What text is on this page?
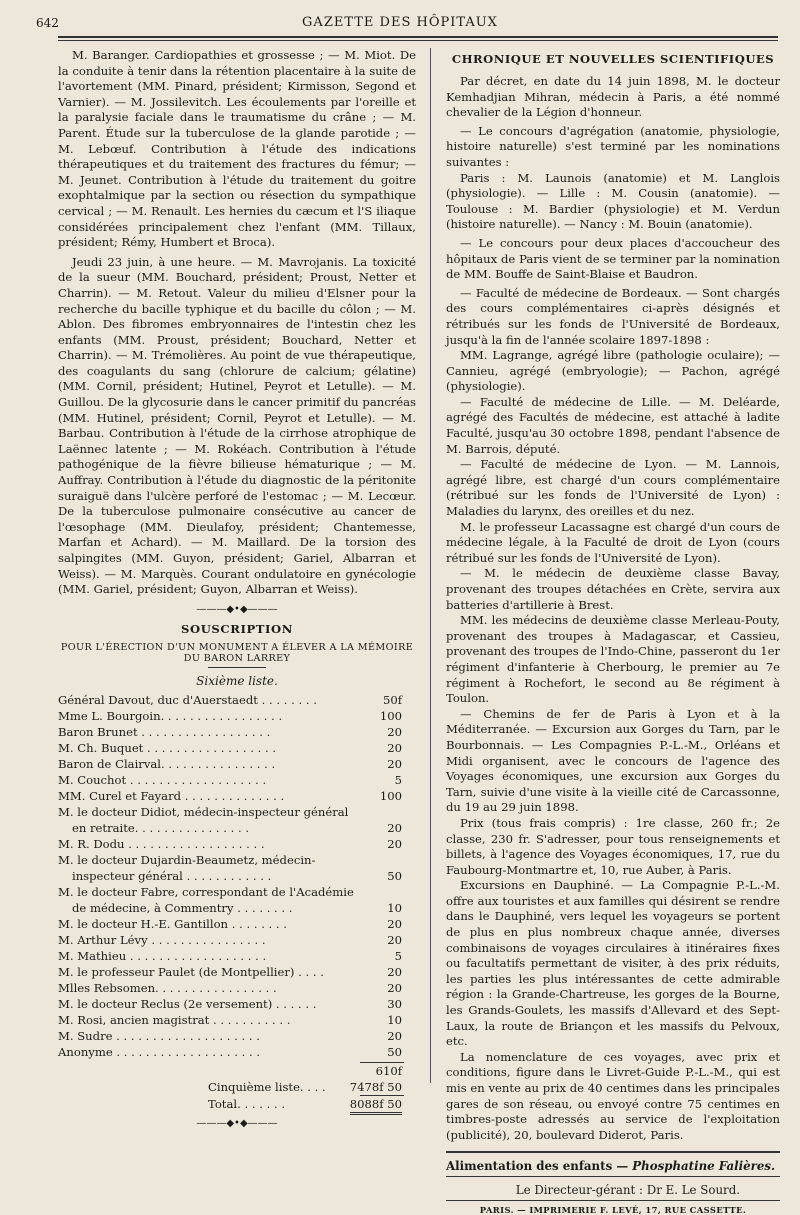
642	GAZETTE DES HÔPITAUX

M. Baranger. Cardiopathies et grossesse ; — M. Miot. De la conduite à tenir dans la rétention placentaire à la suite de l'avortement (MM. Pinard, président; Kirmisson, Segond et Varnier). — M. Jossilevitch. Les écoulements par l'oreille et la paralysie faciale dans le traumatisme du crâne ; — M. Parent. Étude sur la tuberculose de la glande parotide ; — M. Lebœuf. Contribution à l'étude des indications thérapeutiques et du traitement des fractures du fémur; — M. Jeunet. Contribution à l'étude du traitement du goitre exophtalmique par la section ou résection du sympathique cervical ; — M. Renault. Les hernies du cæcum et l'S iliaque considérées principalement chez l'enfant (MM. Tillaux, président; Rémy, Humbert et Broca).

Jeudi 23 juin, à une heure. — M. Mavrojanis. La toxicité de la sueur (MM. Bouchard, président; Proust, Netter et Charrin). — M. Retout. Valeur du milieu d'Elsner pour la recherche du bacille typhique et du bacille du côlon ; — M. Ablon. Des fibromes embryonnaires de l'intestin chez les enfants (MM. Proust, président; Bouchard, Netter et Charrin). — M. Trémolières. Au point de vue thérapeutique, des coagulants du sang (chlorure de calcium; gélatine) (MM. Cornil, président; Hutinel, Peyrot et Letulle). — M. Guillou. De la glycosurie dans le cancer primitif du pancréas (MM. Hutinel, président; Cornil, Peyrot et Letulle). — M. Barbau. Contribution à l'étude de la cirrhose atrophique de Laënnec latente ; — M. Rokéach. Contribution à l'étude pathogénique de la fièvre bilieuse hématurique ; — M. Auffray. Contribution à l'étude du diagnostic de la péritonite suraiguë dans l'ulcère perforé de l'estomac ; — M. Lecœur. De la tuberculose pulmonaire consécutive au cancer de l'œsophage (MM. Dieulafoy, président; Chantemesse, Marfan et Achard). — M. Maillard. De la torsion des salpingites (MM. Guyon, président; Gariel, Albarran et Weiss). — M. Marquès. Courant ondulatoire en gynécologie (MM. Gariel, président; Guyon, Albarran et Weiss).

———◆•◆———
SOUSCRIPTION
POUR L'ÉRECTION D'UN MONUMENT A ÉLEVER A LA MÉMOIRE DU BARON LARREY
Sixième liste.
Général Davout, duc d'Auerstaedt . . . . . . . .	50f
Mme L. Bourgoin. . . . . . . . . . . . . . . . .	100
Baron Brunet . . . . . . . . . . . . . . . . . .	20
M. Ch. Buquet . . . . . . . . . . . . . . . . . .	20
Baron de Clairval. . . . . . . . . . . . . . . .	20
M. Couchot . . . . . . . . . . . . . . . . . . .	5
MM. Curel et Fayard . . . . . . . . . . . . . .	100
M. le docteur Didiot, médecin-inspecteur général en retraite. . . . . . . . . . . . . . . .	20
M. R. Dodu . . . . . . . . . . . . . . . . . . .	20
M. le docteur Dujardin-Beaumetz, médecin-inspecteur général . . . . . . . . . . . .	50
M. le docteur Fabre, correspondant de l'Académie de médecine, à Commentry . . . . . . . .	10
M. le docteur H.-E. Gantillon . . . . . . . .	20
M. Arthur Lévy . . . . . . . . . . . . . . . .	20
M. Mathieu . . . . . . . . . . . . . . . . . . .	5
M. le professeur Paulet (de Montpellier) . . . .	20
Mlles Rebsomen. . . . . . . . . . . . . . . . .	20
M. le docteur Reclus (2e versement) . . . . . .	30
M. Rosi, ancien magistrat . . . . . . . . . . .	10
M. Sudre . . . . . . . . . . . . . . . . . . . .	20
Anonyme . . . . . . . . . . . . . . . . . . . .	50
610f

Cinquième liste. . . . 7478f 50
Total. . . . . . .	8088f 50
———◆•◆———
CHRONIQUE ET NOUVELLES SCIENTIFIQUES

Par décret, en date du 14 juin 1898, M. le docteur Kemhadjian Mihran, médecin à Paris, a été nommé chevalier de la Légion d'honneur.

— Le concours d'agrégation (anatomie, physiologie, histoire naturelle) s'est terminé par les nominations suivantes :

Paris : M. Launois (anatomie) et M. Langlois (physiologie). — Lille : M. Cousin (anatomie). — Toulouse : M. Bardier (physiologie) et M. Verdun (histoire naturelle). — Nancy : M. Bouin (anatomie).

— Le concours pour deux places d'accoucheur des hôpitaux de Paris vient de se terminer par la nomination de MM. Bouffe de Saint-Blaise et Baudron.

— Faculté de médecine de Bordeaux. — Sont chargés des cours complémentaires ci-après désignés et rétribués sur les fonds de l'Université de Bordeaux, jusqu'à la fin de l'année scolaire 1897-1898 :

MM. Lagrange, agrégé libre (pathologie oculaire); — Cannieu, agrégé (embryologie); — Pachon, agrégé (physiologie).

— Faculté de médecine de Lille. — M. Deléarde, agrégé des Facultés de médecine, est attaché à ladite Faculté, jusqu'au 30 octobre 1898, pendant l'absence de M. Barrois, député.

— Faculté de médecine de Lyon. — M. Lannois, agrégé libre, est chargé d'un cours complémentaire (rétribué sur les fonds de l'Université de Lyon) : Maladies du larynx, des oreilles et du nez.

M. le professeur Lacassagne est chargé d'un cours de médecine légale, à la Faculté de droit de Lyon (cours rétribué sur les fonds de l'Université de Lyon).

— M. le médecin de deuxième classe Bavay, provenant des troupes détachées en Crète, servira aux batteries d'artillerie à Brest.

MM. les médecins de deuxième classe Merleau-Pouty, provenant des troupes à Madagascar, et Cassieu, provenant des troupes de l'Indo-Chine, passeront du 1er régiment d'infanterie à Cherbourg, le premier au 7e régiment à Rochefort, le second au 8e régiment à Toulon.

— Chemins de fer de Paris à Lyon et à la Méditerranée. — Excursion aux Gorges du Tarn, par le Bourbonnais. — Les Compagnies P.-L.-M., Orléans et Midi organisent, avec le concours de l'agence des Voyages économiques, une excursion aux Gorges du Tarn, suivie d'une visite à la vieille cité de Carcassonne, du 19 au 29 juin 1898.

Prix (tous frais compris) : 1re classe, 260 fr.; 2e classe, 230 fr. S'adresser, pour tous renseignements et billets, à l'agence des Voyages économiques, 17, rue du Faubourg-Montmartre et, 10, rue Auber, à Paris.

Excursions en Dauphiné. — La Compagnie P.-L.-M. offre aux touristes et aux familles qui désirent se rendre dans le Dauphiné, vers lequel les voyageurs se portent de plus en plus nombreux chaque année, diverses combinaisons de voyages circulaires à itinéraires fixes ou facultatifs permettant de visiter, à des prix réduits, les parties les plus intéressantes de cette admirable région : la Grande-Chartreuse, les gorges de la Bourne, les Grands-Goulets, les massifs d'Allevard et des Sept-Laux, la route de Briançon et les massifs du Pelvoux, etc.

La nomenclature de ces voyages, avec prix et conditions, figure dans le Livret-Guide P.-L.-M., qui est mis en vente au prix de 40 centimes dans les principales gares de son réseau, ou envoyé contre 75 centimes en timbres-poste adressés au service de l'exploitation (publicité), 20, boulevard Diderot, Paris.

Alimentation des enfants — Phosphatine Falières.
Le Directeur-gérant : Dr E. Le Sourd.
PARIS. — IMPRIMERIE F. LEVÉ, 17, RUE CASSETTE.
